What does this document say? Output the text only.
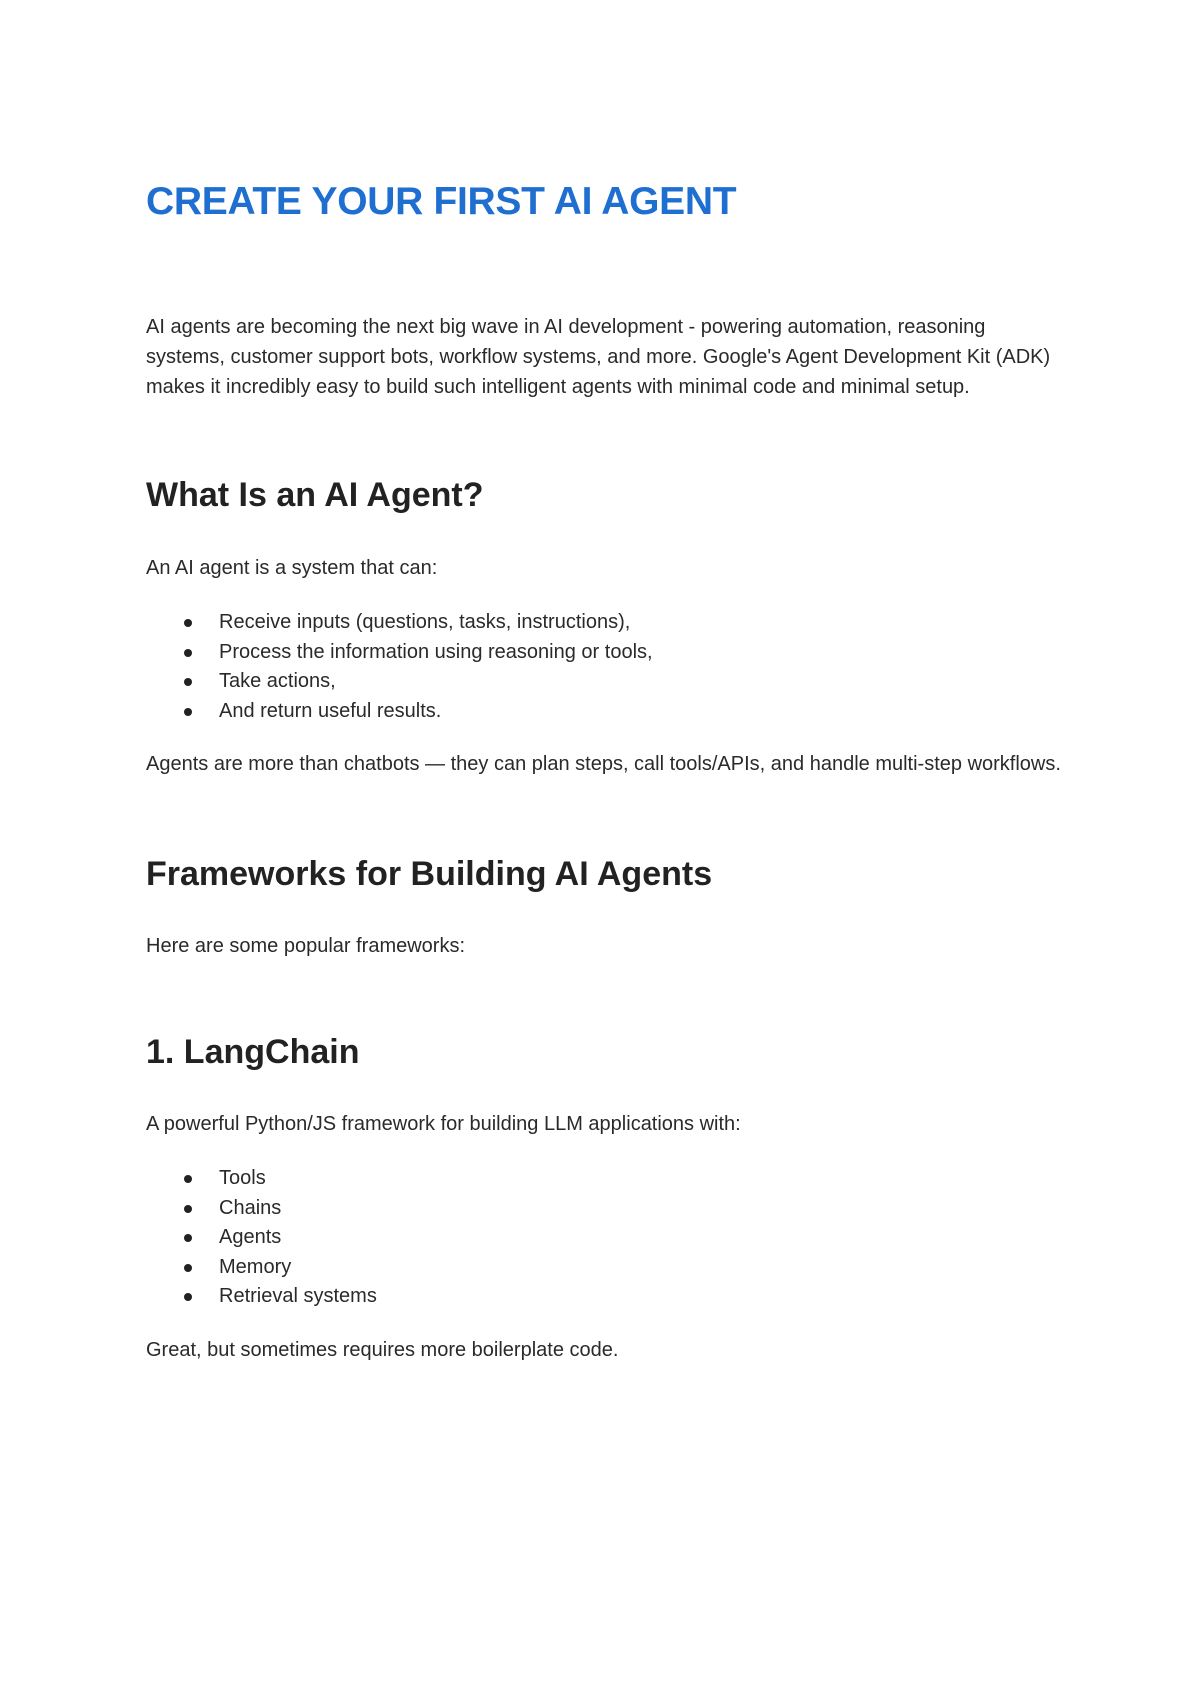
CREATE YOUR FIRST AI AGENT

AI agents are becoming the next big wave in AI development - powering automation, reasoning systems, customer support bots, workflow systems, and more. Google's Agent Development Kit (ADK) makes it incredibly easy to build such intelligent agents with minimal code and minimal setup.

What Is an AI Agent?

An AI agent is a system that can:

Receive inputs (questions, tasks, instructions),
Process the information using reasoning or tools,
Take actions,
And return useful results.

Agents are more than chatbots — they can plan steps, call tools/APIs, and handle multi-step workflows.

Frameworks for Building AI Agents

Here are some popular frameworks:

1. LangChain

A powerful Python/JS framework for building LLM applications with:

Tools
Chains
Agents
Memory
Retrieval systems

Great, but sometimes requires more boilerplate code.
